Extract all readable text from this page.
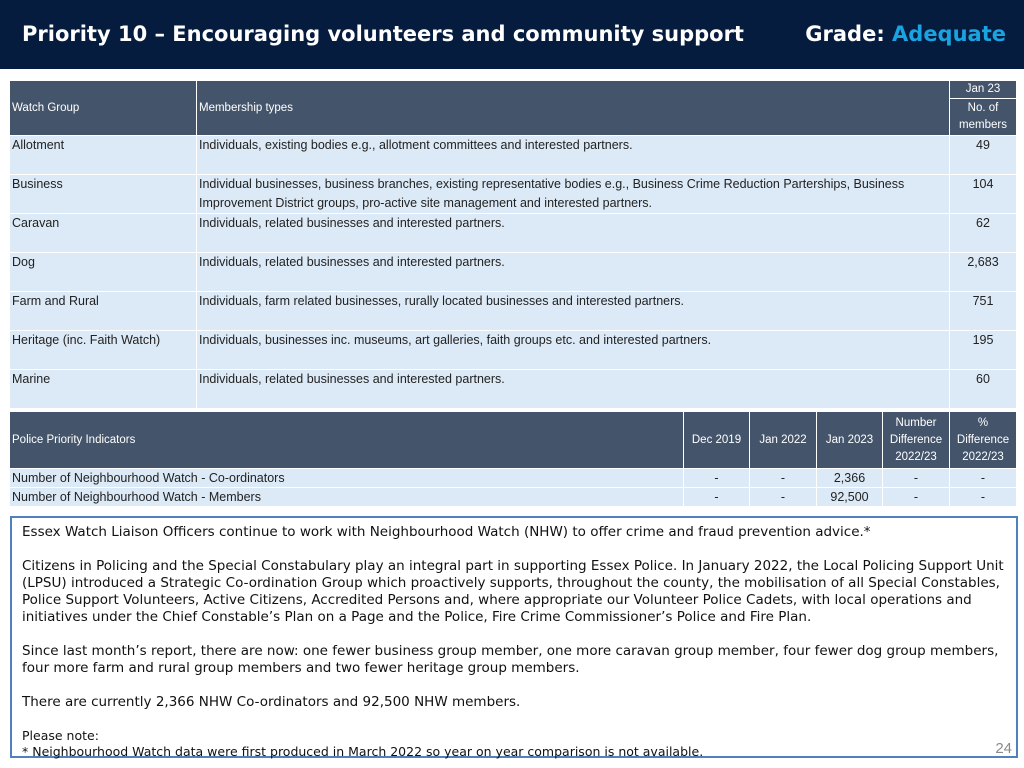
Priority 10 – Encouraging volunteers and community support	Grade: Adequate
Watch Group	Membership types	Jan 23
		No. of members
Allotment	Individuals, existing bodies e.g., allotment committees and interested partners.	49
Business	Individual businesses, business branches, existing representative bodies e.g., Business Crime Reduction Parterships, Business Improvement District groups, pro-active site management and interested partners.	104
Caravan	Individuals, related businesses and interested partners.	62
Dog	Individuals, related businesses and interested partners.	2,683
Farm and Rural	Individuals, farm related businesses, rurally located businesses and interested partners.	751
Heritage (inc. Faith Watch)	Individuals, businesses inc. museums, art galleries, faith groups etc. and interested partners.	195
Marine	Individuals, related businesses and interested partners.	60
Police Priority Indicators	Dec 2019	Jan 2022	Jan 2023	Number Difference 2022/23	% Difference 2022/23
Number of Neighbourhood Watch - Co-ordinators	-	-	2,366	-	-
Number of Neighbourhood Watch - Members	-	-	92,500	-	-

Essex Watch Liaison Officers continue to work with Neighbourhood Watch (NHW) to offer crime and fraud prevention advice.*

Citizens in Policing and the Special Constabulary play an integral part in supporting Essex Police. In January 2022, the Local Policing Support Unit (LPSU) introduced a Strategic Co-ordination Group which proactively supports, throughout the county, the mobilisation of all Special Constables, Police Support Volunteers, Active Citizens, Accredited Persons and, where appropriate our Volunteer Police Cadets, with local operations and initiatives under the Chief Constable’s Plan on a Page and the Police, Fire Crime Commissioner’s Police and Fire Plan.

Since last month’s report, there are now: one fewer business group member, one more caravan group member, four fewer dog group members, four more farm and rural group members and two fewer heritage group members.

There are currently 2,366 NHW Co-ordinators and 92,500 NHW members.

Please note:

* Neighbourhood Watch data were first produced in March 2022 so year on year comparison is not available.	24
